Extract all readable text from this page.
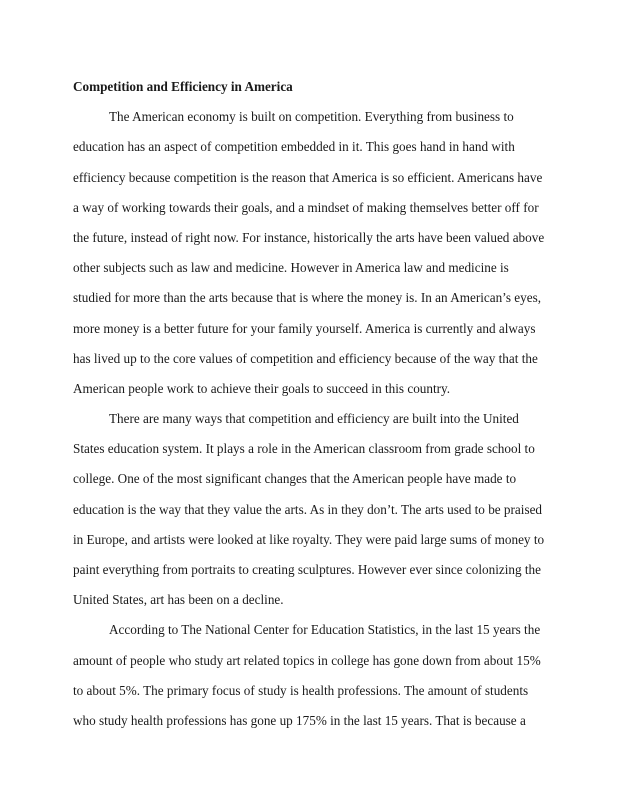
Competition and Efficiency in America
The American economy is built on competition. Everything from business to
education has an aspect of competition embedded in it. This goes hand in hand with
efficiency because competition is the reason that America is so efficient. Americans have
a way of working towards their goals, and a mindset of making themselves better off for
the future, instead of right now. For instance, historically the arts have been valued above
other subjects such as law and medicine. However in America law and medicine is
studied for more than the arts because that is where the money is. In an American’s eyes,
more money is a better future for your family yourself. America is currently and always
has lived up to the core values of competition and efficiency because of the way that the
American people work to achieve their goals to succeed in this country.
There are many ways that competition and efficiency are built into the United
States education system. It plays a role in the American classroom from grade school to
college. One of the most significant changes that the American people have made to
education is the way that they value the arts. As in they don’t. The arts used to be praised
in Europe, and artists were looked at like royalty. They were paid large sums of money to
paint everything from portraits to creating sculptures. However ever since colonizing the
United States, art has been on a decline.
According to The National Center for Education Statistics, in the last 15 years the
amount of people who study art related topics in college has gone down from about 15%
to about 5%. The primary focus of study is health professions. The amount of students
who study health professions has gone up 175% in the last 15 years. That is because a
